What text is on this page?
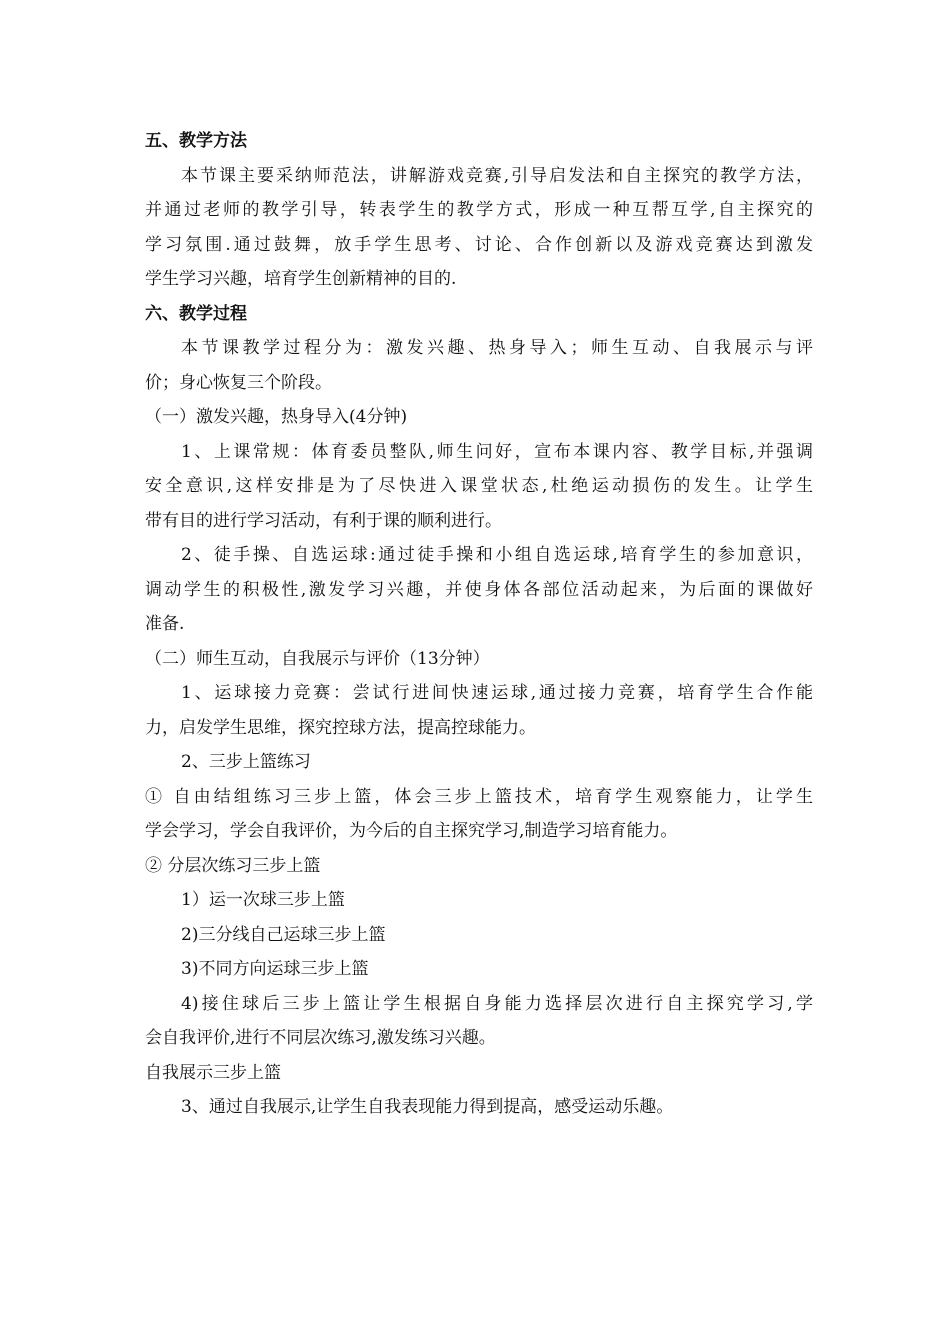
五、教学方法
本节课主要采纳师范法，讲解游戏竞赛,引导启发法和自主探究的教学方法，
并通过老师的教学引导，转表学生的教学方式，形成一种互帮互学,自主探究的
学习氛围.通过鼓舞，放手学生思考、讨论、合作创新以及游戏竞赛达到激发
学生学习兴趣，培育学生创新精神的目的.
六、教学过程
本节课教学过程分为：激发兴趣、热身导入；师生互动、自我展示与评
价；身心恢复三个阶段。
（一）激发兴趣，热身导入(4分钟)
1、上课常规：体育委员整队,师生问好，宣布本课内容、教学目标,并强调
安全意识,这样安排是为了尽快进入课堂状态,杜绝运动损伤的发生。让学生
带有目的进行学习活动，有利于课的顺利进行。
2、徒手操、自选运球:通过徒手操和小组自选运球,培育学生的参加意识，
调动学生的积极性,激发学习兴趣，并使身体各部位活动起来，为后面的课做好
准备.
（二）师生互动，自我展示与评价（13分钟）
1、运球接力竞赛：尝试行进间快速运球,通过接力竞赛，培育学生合作能
力，启发学生思维，探究控球方法，提高控球能力。
2、三步上篮练习
① 自由结组练习三步上篮，体会三步上篮技术，培育学生观察能力，让学生
学会学习，学会自我评价，为今后的自主探究学习,制造学习培育能力。
② 分层次练习三步上篮
1）运一次球三步上篮
2)三分线自己运球三步上篮
3)不同方向运球三步上篮
4)接住球后三步上篮让学生根据自身能力选择层次进行自主探究学习,学
会自我评价,进行不同层次练习,激发练习兴趣。
自我展示三步上篮
3、通过自我展示,让学生自我表现能力得到提高，感受运动乐趣。
